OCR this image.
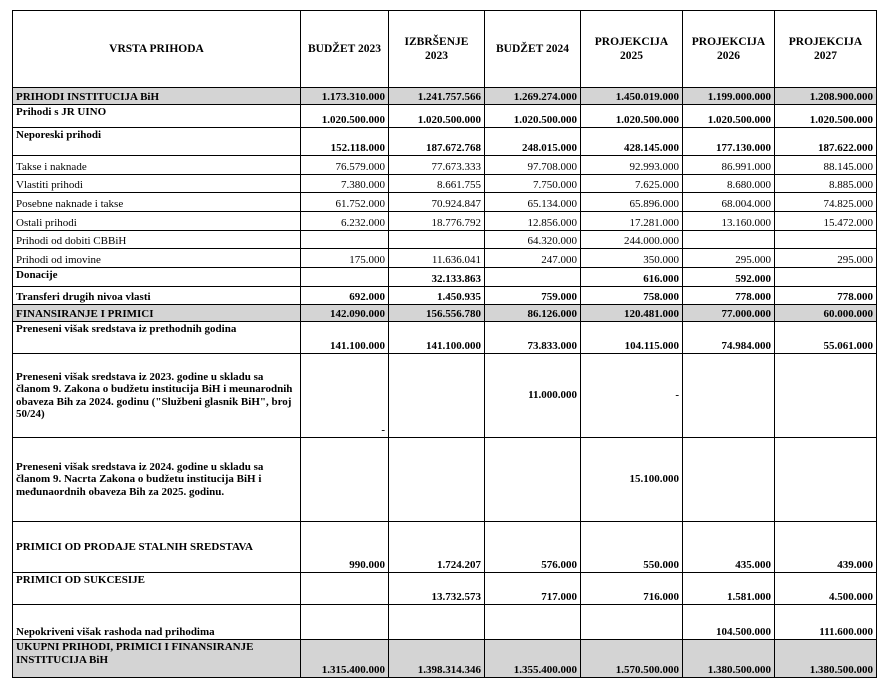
VRSTA PRIHODA	BUDŽET 2023	IZBRŠENJE 2023	BUDŽET 2024	PROJEKCIJA 2025	PROJEKCIJA 2026	PROJEKCIJA 2027
PRIHODI INSTITUCIJA BiH	1.173.310.000	1.241.757.566	1.269.274.000	1.450.019.000	1.199.000.000	1.208.900.000
Prihodi s JR UINO	1.020.500.000	1.020.500.000	1.020.500.000	1.020.500.000	1.020.500.000	1.020.500.000
Neporeski prihodi	152.118.000	187.672.768	248.015.000	428.145.000	177.130.000	187.622.000
Takse i naknade	76.579.000	77.673.333	97.708.000	92.993.000	86.991.000	88.145.000
Vlastiti prihodi	7.380.000	8.661.755	7.750.000	7.625.000	8.680.000	8.885.000
Posebne naknade i takse	61.752.000	70.924.847	65.134.000	65.896.000	68.004.000	74.825.000
Ostali prihodi	6.232.000	18.776.792	12.856.000	17.281.000	13.160.000	15.472.000
Prihodi od dobiti CBBiH			64.320.000	244.000.000		
Prihodi od imovine	175.000	11.636.041	247.000	350.000	295.000	295.000
Donacije		32.133.863		616.000	592.000	
Transferi drugih nivoa vlasti	692.000	1.450.935	759.000	758.000	778.000	778.000
FINANSIRANJE I PRIMICI	142.090.000	156.556.780	86.126.000	120.481.000	77.000.000	60.000.000
Preneseni višak sredstava iz prethodnih godina	141.100.000	141.100.000	73.833.000	104.115.000	74.984.000	55.061.000
Preneseni višak sredstava iz 2023. godine u skladu sa članom 9. Zakona o budžetu institucija BiH i meunarodnih obaveza Bih za 2024. godinu ("Službeni glasnik BiH", broj 50/24)	-		11.000.000	-		
Preneseni višak sredstava iz 2024. godine u skladu sa članom 9. Nacrta Zakona o budžetu institucija BiH i međunaordnih obaveza Bih za 2025. godinu.				15.100.000		
PRIMICI OD PRODAJE STALNIH SREDSTAVA	990.000	1.724.207	576.000	550.000	435.000	439.000
PRIMICI OD SUKCESIJE		13.732.573	717.000	716.000	1.581.000	4.500.000
Nepokriveni višak rashoda nad prihodima					104.500.000	111.600.000
UKUPNI PRIHODI, PRIMICI I FINANSIRANJE INSTITUCIJA BiH	1.315.400.000	1.398.314.346	1.355.400.000	1.570.500.000	1.380.500.000	1.380.500.000
